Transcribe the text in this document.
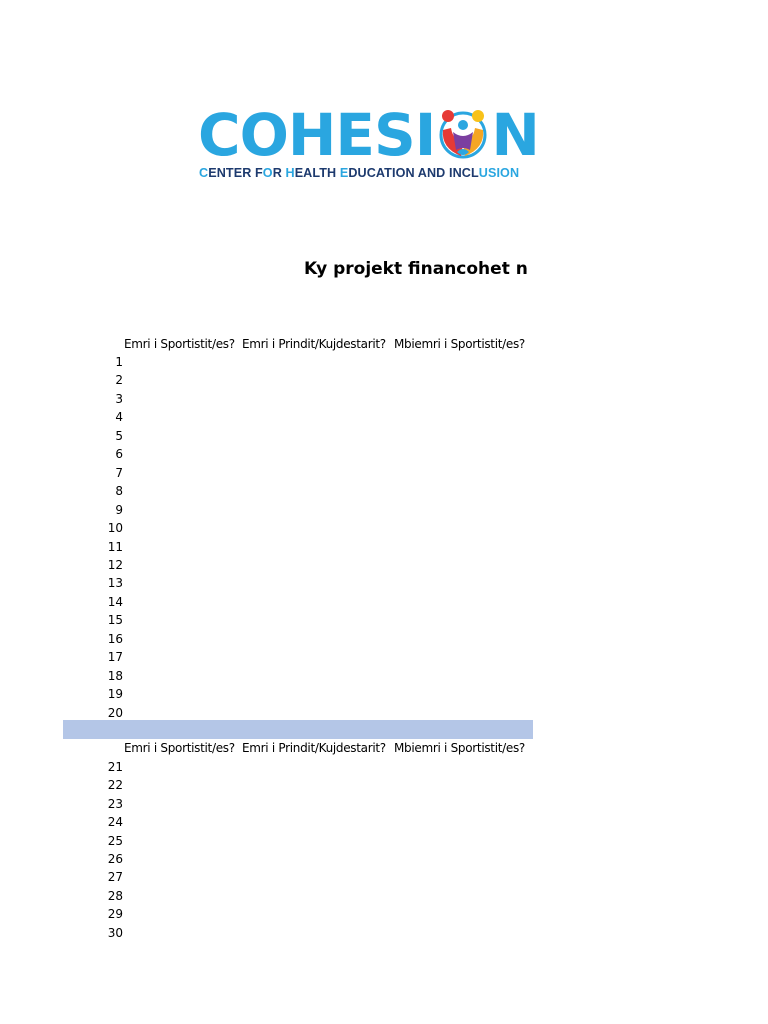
COHESI N
CENTER FOR HEALTH EDUCATION AND INCLUSION
Ky projekt financohet n
Emri i Sportistit/es? Emri i Prindit/Kujdestarit? Mbiemri i Sportistit/es?
1
2
3
4
5
6
7
8
9
10
11
12
13
14
15
16
17
18
19
20
Emri i Sportistit/es? Emri i Prindit/Kujdestarit? Mbiemri i Sportistit/es?
21
22
23
24
25
26
27
28
29
30
